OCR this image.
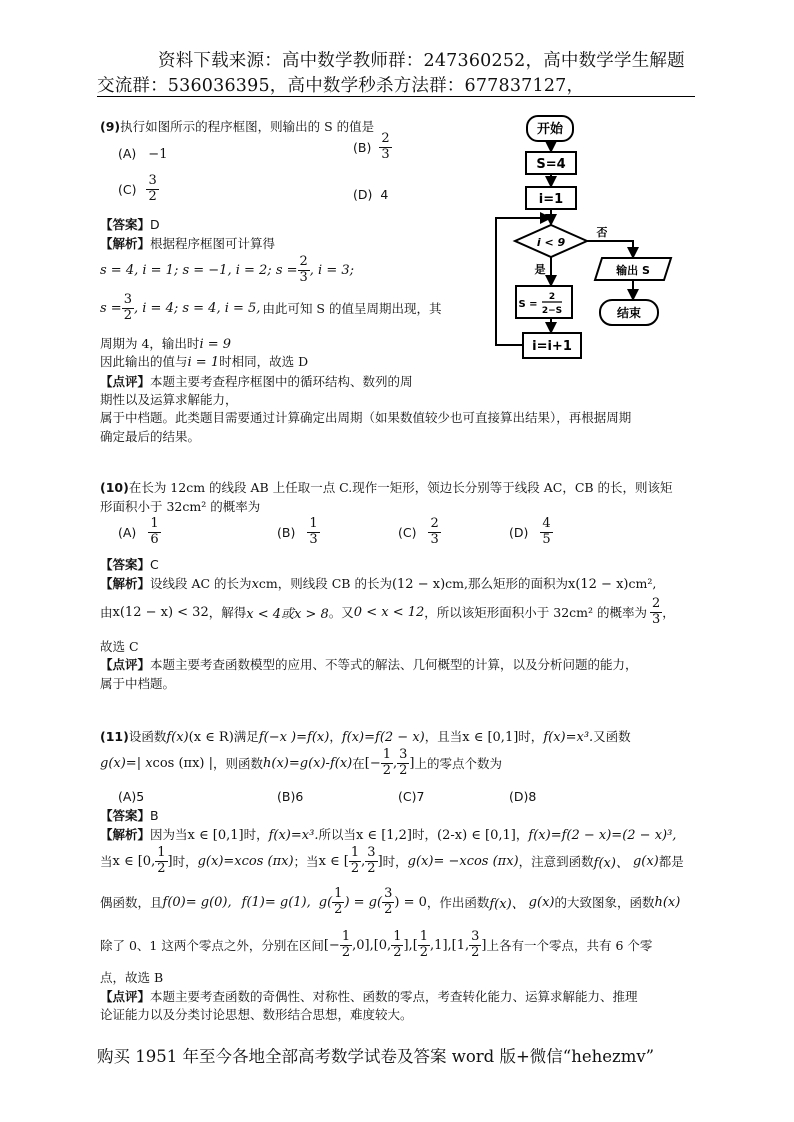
资料下载来源：高中数学教师群：247360252，高中数学学生解题
交流群：536036395，高中数学秒杀方法群：677837127，
(9)执行如图所示的程序框图，则输出的 S 的值是
(A) −1	$(B) \frac{2}{3}$
$(C) \frac{3}{2}$	(D) 4
【答案】D
【解析】根据程序框图可计算得
s = 4, i = 1; s = −1, i = 2; $s = \frac{2}{3}$ , i = 3;
$s = \frac{3}{2}$ , i = 4; s = 4, i = 5, 由此可知 S 的值呈周期出现，其
周期为 4，输出时i = 9
因此输出的值与i = 1时相同，故选 D
【点评】本题主要考查程序框图中的循环结构、数列的周
期性以及运算求解能力，
属于中档题。此类题目需要通过计算确定出周期（如果数值较少也可直接算出结果），再根据周期
确定最后的结果。
开始
S=4
i=1
i < 9
否
是	输出 S
结束
S =
2
2−S
i=i+1
(10)在长为 12cm 的线段 AB 上任取一点 C.现作一矩形，领边长分别等于线段 AC，CB 的长，则该矩
形面积小于 32cm² 的概率为
$(A) \frac{1}{6}$	$(B) \frac{1}{3}$	$(C) \frac{2}{3}$	$(D) \frac{4}{5}$
【答案】C
【解析】设线段 AC 的长为xcm，则线段 CB 的长为(12 − x)cm,那么矩形的面积为x(12 − x)cm²,
由 x(12 − x) < 32 ，解得 x < 4或x > 8 。又 0 < x < 12 ，所以该矩形面积小于 32cm² 的概率为 $\frac{2}{3}$ ，
故选 C
【点评】本题主要考查函数模型的应用、不等式的解法、几何概型的计算，以及分析问题的能力，
属于中档题。
(11)设函数f(x)(x ∈ R)满足f(−x )=f(x)，f(x)=f(2 − x)，且当x ∈ [0,1]时，f(x)=x³.又函数
g(x)=| x cos (πx) | ，则函数 h(x)=g(x)-f(x) 在 [− $\frac{1}{2}$ , $\frac{3}{2}$ ] 上的零点个数为
(A)5	(B)6	(C)7	(D)8
【答案】B
【解析】因为当x ∈ [0,1]时，f(x)=x³.所以当x ∈ [1,2]时，(2-x) ∈ [0,1]，f(x)=f(2 − x)=(2 − x)³,
当 x ∈ [0, $\frac{1}{2}$ ] 时， g(x)=xcos (πx) ；当 x ∈ [ $\frac{1}{2}$ , $\frac{3}{2}$ ] 时， g(x)= −xcos (πx) ，注意到函数 f(x)、 g(x) 都是
偶函数，且 f(0)= g(0), f(1)= g(1), $g( \frac{1}{2}$ ) = $g( \frac{3}{2}$ ) = 0 ，作出函数 f(x)、 g(x) 的大致图象，函数 h(x)
除了 0、1 这两个零点之外，分别在区间 [− $\frac{1}{2} ,0],[0$, $\frac{1}{2}$ ],[ $\frac{1}{2} ,1],[1$, $\frac{3}{2}$ ] 上各有一个零点，共有 6 个零
点，故选 B
【点评】本题主要考查函数的奇偶性、对称性、函数的零点，考查转化能力、运算求解能力、推理
论证能力以及分类讨论思想、数形结合思想，难度较大。
购买 1951 年至今各地全部高考数学试卷及答案 word 版+微信“hehezmv”
